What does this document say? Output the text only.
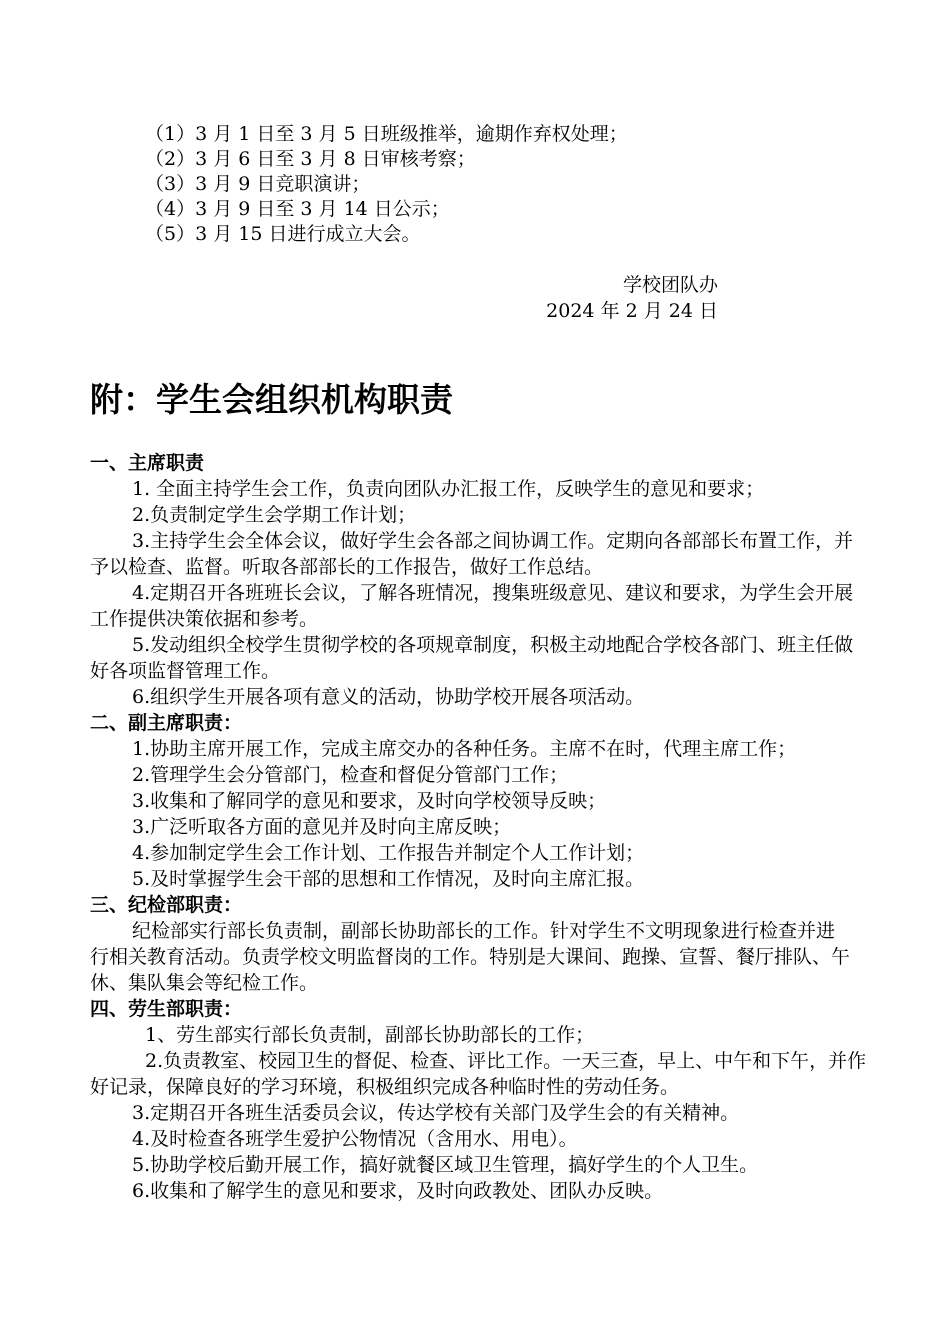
（1）3 月 1 日至 3 月 5 日班级推举，逾期作弃权处理；
（2）3 月 6 日至 3 月 8 日审核考察；
（3）3 月 9 日竞职演讲；
（4）3 月 9 日至 3 月 14 日公示；
（5）3 月 15 日进行成立大会。
学校团队办
2024 年 2 月 24 日
附：学生会组织机构职责
一、主席职责
1. 全面主持学生会工作，负责向团队办汇报工作，反映学生的意见和要求；
2.负责制定学生会学期工作计划；
3.主持学生会全体会议，做好学生会各部之间协调工作。定期向各部部长布置工作，并予以检查、监督。听取各部部长的工作报告，做好工作总结。
4.定期召开各班班长会议，了解各班情况，搜集班级意见、建议和要求，为学生会开展工作提供决策依据和参考。
5.发动组织全校学生贯彻学校的各项规章制度，积极主动地配合学校各部门、班主任做好各项监督管理工作。
6.组织学生开展各项有意义的活动，协助学校开展各项活动。
二、副主席职责：
1.协助主席开展工作，完成主席交办的各种任务。主席不在时，代理主席工作；
2.管理学生会分管部门，检查和督促分管部门工作；
3.收集和了解同学的意见和要求，及时向学校领导反映；
3.广泛听取各方面的意见并及时向主席反映；
4.参加制定学生会工作计划、工作报告并制定个人工作计划；
5.及时掌握学生会干部的思想和工作情况，及时向主席汇报。
三、纪检部职责：
纪检部实行部长负责制，副部长协助部长的工作。针对学生不文明现象进行检查并进行相关教育活动。负责学校文明监督岗的工作。特别是大课间、跑操、宣誓、餐厅排队、午休、集队集会等纪检工作。
四、劳生部职责：
1、劳生部实行部长负责制，副部长协助部长的工作；
2.负责教室、校园卫生的督促、检查、评比工作。一天三查，早上、中午和下午，并作好记录，保障良好的学习环境，积极组织完成各种临时性的劳动任务。
3.定期召开各班生活委员会议，传达学校有关部门及学生会的有关精神。
4.及时检查各班学生爱护公物情况（含用水、用电）。
5.协助学校后勤开展工作，搞好就餐区域卫生管理，搞好学生的个人卫生。
6.收集和了解学生的意见和要求，及时向政教处、团队办反映。
